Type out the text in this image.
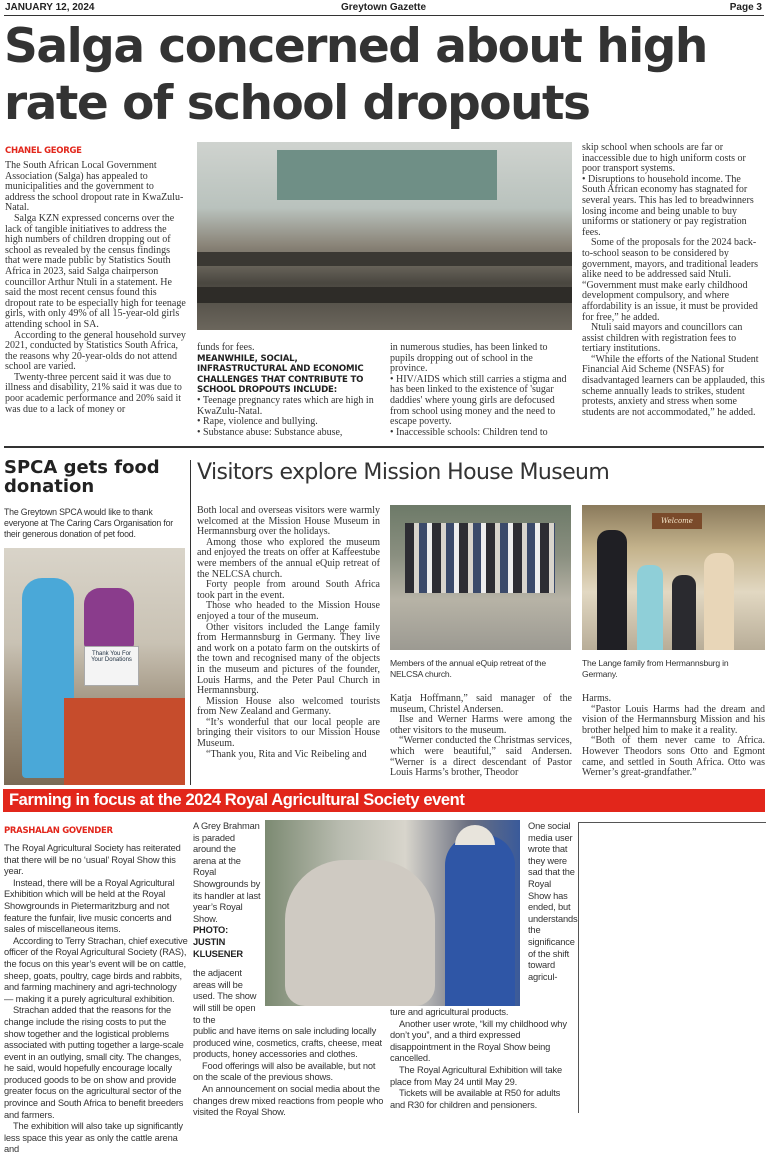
JANUARY 12, 2024	Greytown Gazette	Page 3
Salga concerned about high rate of school dropouts
CHANEL GEORGE

The South African Local Government Association (Salga) has appealed to municipalities and the government to address the school dropout rate in KwaZulu-Natal.

Salga KZN expressed concerns over the lack of tangible initiatives to address the high numbers of children dropping out of school as revealed by the census findings that were made public by Statistics South Africa in 2023, said Salga chairperson councillor Arthur Ntuli in a statement. He said the most recent census found this dropout rate to be especially high for teenage girls, with only 49% of all 15-year-old girls attending school in SA.

According to the general household survey 2021, conducted by Statistics South Africa, the reasons why 20-year-olds do not attend school are varied.

Twenty-three percent said it was due to illness and disability, 21% said it was due to poor academic performance and 20% said it was due to a lack of money or

funds for fees.

MEANWHILE, SOCIAL, INFRASTRUCTURAL AND ECONOMIC CHALLENGES THAT CONTRIBUTE TO SCHOOL DROPOUTS INCLUDE:

• Teenage pregnancy rates which are high in KwaZulu-Natal.

• Rape, violence and bullying.

• Substance abuse: Substance abuse,

in numerous studies, has been linked to pupils dropping out of school in the province.

• HIV/AIDS which still carries a stigma and has been linked to the existence of 'sugar daddies' where young girls are defocused from school using money and the need to escape poverty.

• Inaccessible schools: Children tend to

skip school when schools are far or inaccessible due to high uniform costs or poor transport systems.

• Disruptions to household income. The South African economy has stagnated for several years. This has led to breadwinners losing income and being unable to buy uniforms or stationery or pay registration fees.

Some of the proposals for the 2024 back-to-school season to be considered by government, mayors, and traditional leaders alike need to be addressed said Ntuli. “Government must make early childhood development compulsory, and where affordability is an issue, it must be provided for free,” he added.

Ntuli said mayors and councillors can assist children with registration fees to tertiary institutions.

“While the efforts of the National Student Financial Aid Scheme (NSFAS) for disadvantaged learners can be applauded, this scheme annually leads to strikes, student protests, anxiety and stress when some students are not accommodated,” he added.

SPCA gets food donation
The Greytown SPCA would like to thank everyone at The Caring Cars Organisation for their generous donation of pet food.
Thank You For Your Donations
Visitors explore Mission House Museum

Both local and overseas visitors were warmly welcomed at the Mission House Museum in Hermannsburg over the holidays.

Among those who explored the museum and enjoyed the treats on offer at Kaffeestube were members of the annual eQuip retreat of the NELCSA church.

Forty people from around South Africa took part in the event.

Those who headed to the Mission House enjoyed a tour of the museum.

Other visitors included the Lange family from Hermannsburg in Germany. They live and work on a potato farm on the outskirts of the town and recognised many of the objects in the museum and pictures of the founder, Louis Harms, and the Peter Paul Church in Hermannsburg.

Mission House also welcomed tourists from New Zealand and Germany.

“It’s wonderful that our local people are bringing their visitors to our Mission House Museum.

“Thank you, Rita and Vic Reibeling and

Members of the annual eQuip retreat of the NELCSA church.
Welcome
The Lange family from Hermannsburg in Germany.

Katja Hoffmann,” said manager of the museum, Christel Andersen.

Ilse and Werner Harms were among the other visitors to the museum.

“Werner conducted the Christmas services, which were beautiful,” said Andersen. “Werner is a direct descendant of Pastor Louis Harms’s brother, Theodor

Harms.

“Pastor Louis Harms had the dream and vision of the Hermannsburg Mission and his brother helped him to make it a reality.

“Both of them never came to Africa. However Theodors sons Otto and Egmont came, and settled in South Africa. Otto was Werner’s great-grandfather.”

Farming in focus at the 2024 Royal Agricultural Society event
PRASHALAN GOVENDER

The Royal Agricultural Society has reiterated that there will be no ‘usual’ Royal Show this year.

Instead, there will be a Royal Agricultural Exhibition which will be held at the Royal Showgrounds in Pietermaritzburg and not feature the funfair, live music concerts and sales of miscellaneous items.

According to Terry Strachan, chief executive officer of the Royal Agricultural Society (RAS), the focus on this year’s event will be on cattle, sheep, goats, poultry, cage birds and rabbits, and farming machinery and agri-technology — making it a purely agricultural exhibition.

Strachan added that the reasons for the change include the rising costs to put the show together and the logistical problems associated with putting together a large-scale event in an outlying, small city. The changes, he said, would hopefully encourage locally produced goods to be on show and provide greater focus on the agricultural sector of the province and South Africa to benefit breeders and farmers.

The exhibition will also take up significantly less space this year as only the cattle arena and

A Grey Brahman is paraded around the arena at the Royal Showgrounds by its handler at last year’s Royal Show.
PHOTO: JUSTIN KLUSENER
the adjacent areas will be used. The show will still be open to the

public and have items on sale including locally produced wine, cosmetics, crafts, cheese, meat products, honey accessories and clothes.

Food offerings will also be available, but not on the scale of the previous shows.

An announcement on social media about the changes drew mixed reactions from people who visited the Royal Show.

One social media user wrote that they were sad that the Royal Show has ended, but understands the significance of the shift toward agricul-

ture and agricultural products.

Another user wrote, “kill my childhood why don’t you”, and a third expressed disappointment in the Royal Show being cancelled.

The Royal Agricultural Exhibition will take place from May 24 until May 29.

Tickets will be available at R50 for adults and R30 for children and pensioners.
